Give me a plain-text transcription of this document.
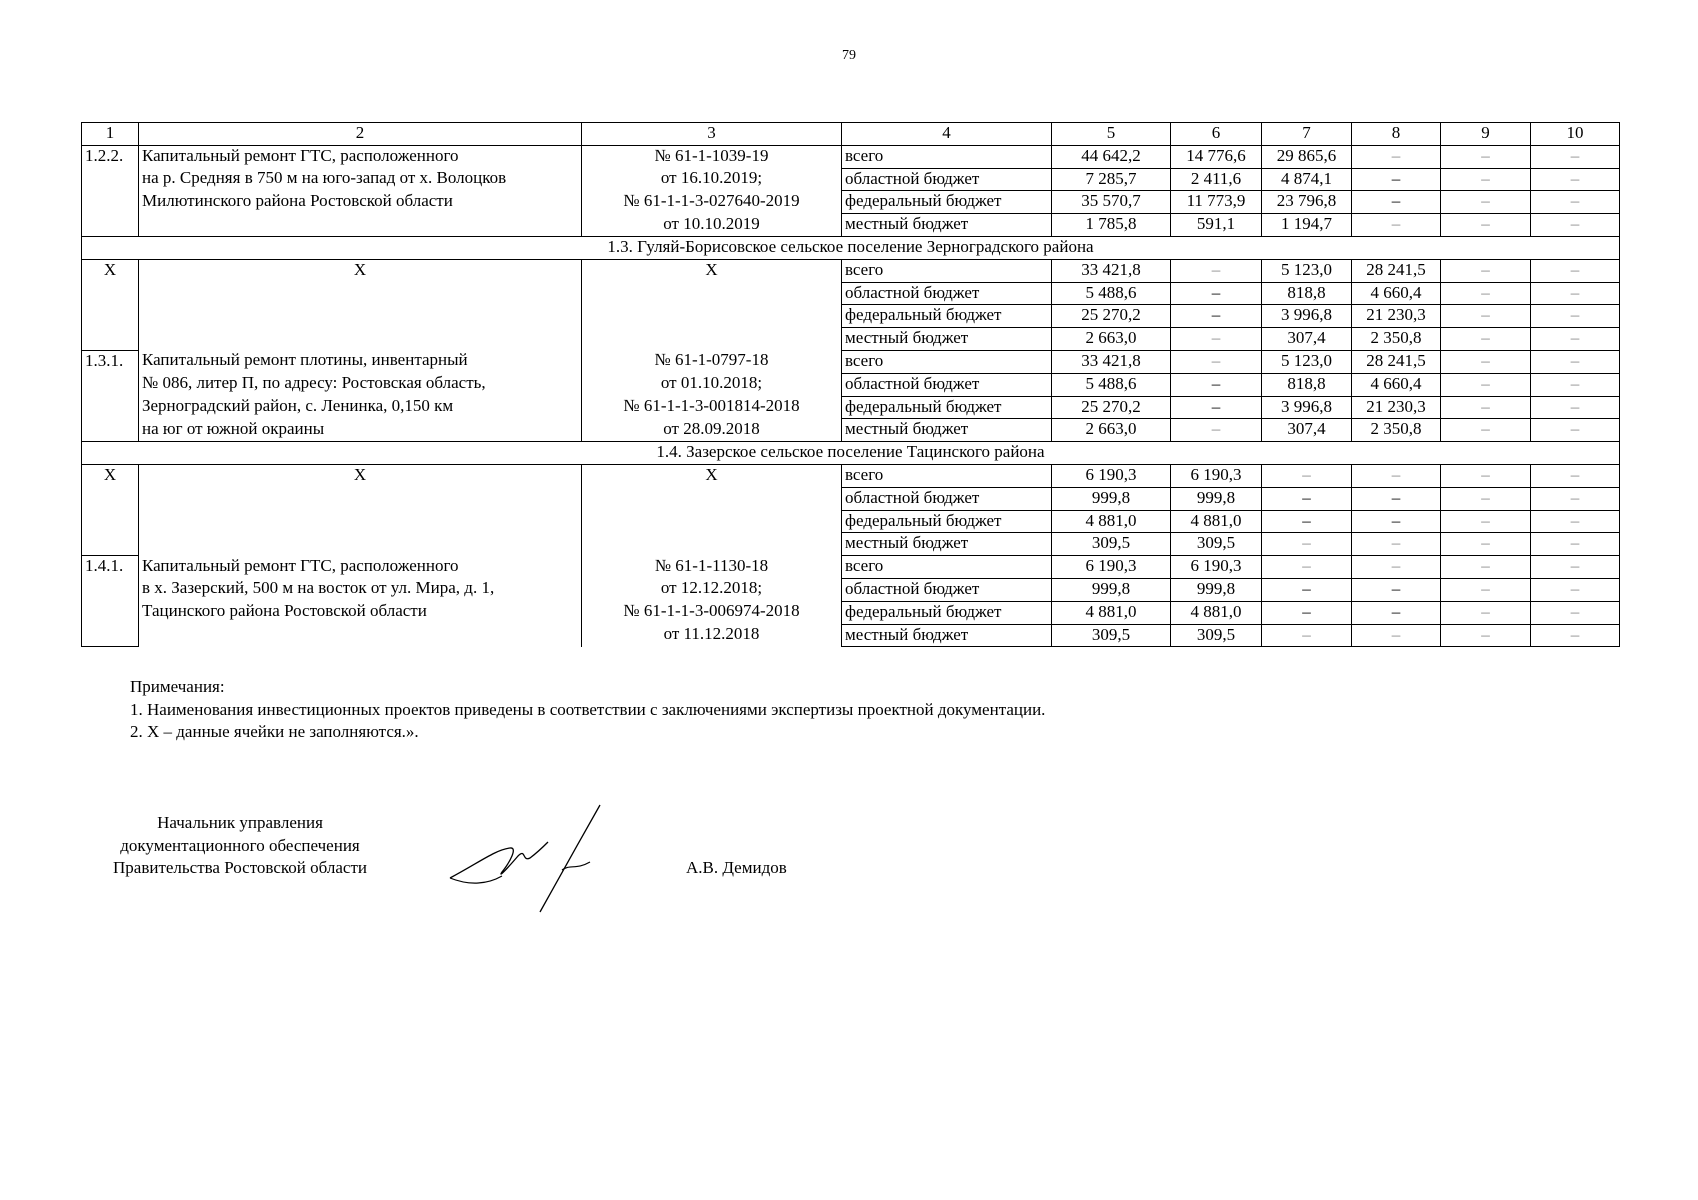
79
1	2	3	4	5	6	7	8	9	10
1.2.2.	Капитальный ремонт ГТС, расположенного	№ 61-1-1039-19	всего	44 642,2	14 776,6	29 865,6	–	–	–
	на р. Средняя в 750 м на юго-запад от х. Волоцков	от 16.10.2019;	областной бюджет	7 285,7	2 411,6	4 874,1	–	–	–
	Милютинского района Ростовской области	№ 61-1-1-3-027640-2019	федеральный бюджет	35 570,7	11 773,9	23 796,8	–	–	–
		от 10.10.2019	местный бюджет	1 785,8	591,1	1 194,7	–	–	–
1.3. Гуляй-Борисовское сельское поселение Зерноградского района									
Х	Х	Х	всего	33 421,8	–	5 123,0	28 241,5	–	–
			областной бюджет	5 488,6	–	818,8	4 660,4	–	–
			федеральный бюджет	25 270,2	–	3 996,8	21 230,3	–	–
			местный бюджет	2 663,0	–	307,4	2 350,8	–	–
1.3.1.	Капитальный ремонт плотины, инвентарный	№ 61-1-0797-18	всего	33 421,8	–	5 123,0	28 241,5	–	–
	№ 086, литер П, по адресу: Ростовская область,	от 01.10.2018;	областной бюджет	5 488,6	–	818,8	4 660,4	–	–
	Зерноградский район, с. Ленинка, 0,150 км	№ 61-1-1-3-001814-2018	федеральный бюджет	25 270,2	–	3 996,8	21 230,3	–	–
	на юг от южной окраины	от 28.09.2018	местный бюджет	2 663,0	–	307,4	2 350,8	–	–
1.4. Зазерское сельское поселение Тацинского района									
Х	Х	Х	всего	6 190,3	6 190,3	–	–	–	–
			областной бюджет	999,8	999,8	–	–	–	–
			федеральный бюджет	4 881,0	4 881,0	–	–	–	–
			местный бюджет	309,5	309,5	–	–	–	–
1.4.1.	Капитальный ремонт ГТС, расположенного	№ 61-1-1130-18	всего	6 190,3	6 190,3	–	–	–	–
	в х. Зазерский, 500 м на восток от ул. Мира, д. 1,	от 12.12.2018;	областной бюджет	999,8	999,8	–	–	–	–
	Тацинского района Ростовской области	№ 61-1-1-3-006974-2018	федеральный бюджет	4 881,0	4 881,0	–	–	–	–
		от 11.12.2018	местный бюджет	309,5	309,5	–	–	–	–
Примечания:
1. Наименования инвестиционных проектов приведены в соответствии с заключениями экспертизы проектной документации.
2. Х – данные ячейки не заполняются.».
Начальник управления
документационного обеспечения
Правительства Ростовской области	А.В. Демидов
